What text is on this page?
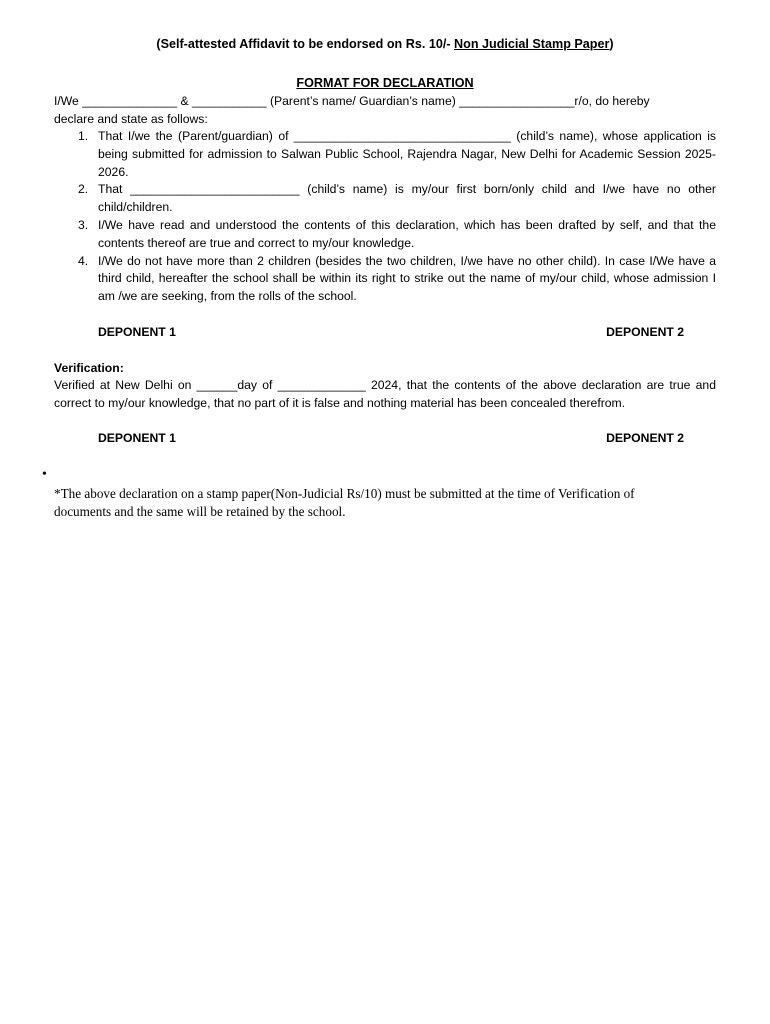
(Self-attested Affidavit to be endorsed on Rs. 10/- Non Judicial Stamp Paper)
FORMAT FOR DECLARATION
I/We ______________ & ___________ (Parent’s name/ Guardian’s name) _________________r/o, do hereby
declare and state as follows:
1. That I/we the (Parent/guardian) of ________________________________ (child’s name), whose application is being submitted for admission to Salwan Public School, Rajendra Nagar, New Delhi for Academic Session 2025- 2026.
2. That _________________________ (child’s name) is my/our first born/only child and I/we have no other child/children.
3. I/We have read and understood the contents of this declaration, which has been drafted by self, and that the contents thereof are true and correct to my/our knowledge.
4. I/We do not have more than 2 children (besides the two children, I/we have no other child). In case I/We have a third child, hereafter the school shall be within its right to strike out the name of my/our child, whose admission I am /we are seeking, from the rolls of the school.
DEPONENT 1	DEPONENT 2
Verification:
Verified at New Delhi on ______day of _____________ 2024, that the contents of the above declaration are true and correct to my/our knowledge, that no part of it is false and nothing material has been concealed therefrom.
DEPONENT 1	DEPONENT 2
•
*The above declaration on a stamp paper(Non-Judicial Rs/10) must be submitted at the time of Verification of documents and the same will be retained by the school.
